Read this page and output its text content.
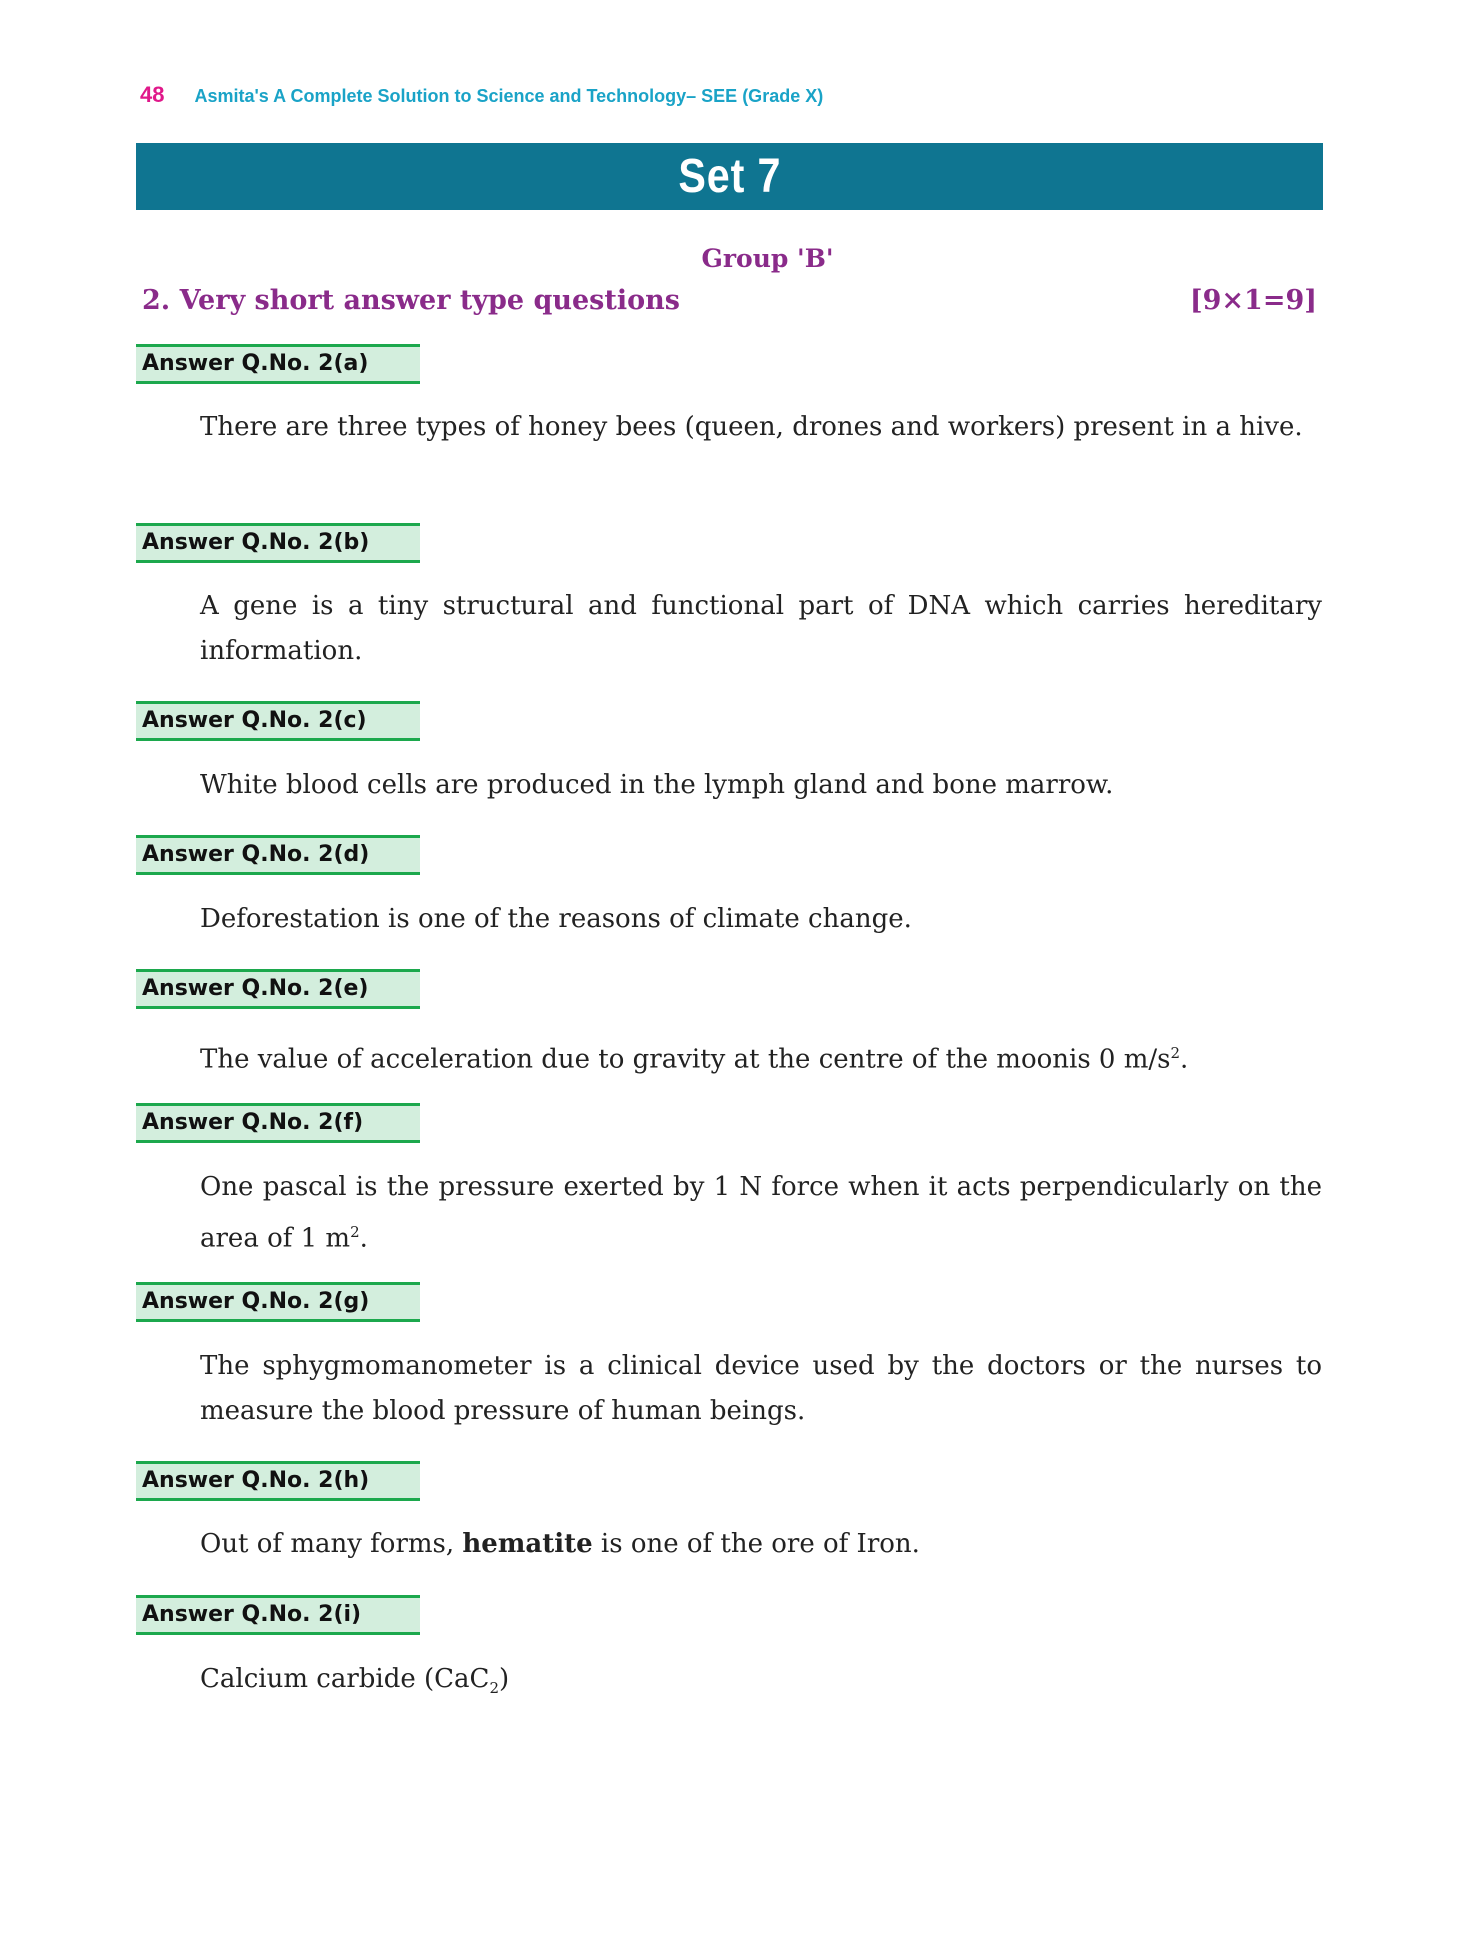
48 Asmita's A Complete Solution to Science and Technology– SEE (Grade X)
Set 7
Group 'B'
2. Very short answer type questions	[9×1=9]
Answer Q.No. 2(a)
There are three types of honey bees (queen, drones and workers) present in a hive.
Answer Q.No. 2(b)
A gene is a tiny structural and functional part of DNA which carries hereditary information.
Answer Q.No. 2(c)
White blood cells are produced in the lymph gland and bone marrow.
Answer Q.No. 2(d)
Deforestation is one of the reasons of climate change.
Answer Q.No. 2(e)
The value of acceleration due to gravity at the centre of the moonis 0 $m/s^2$.
Answer Q.No. 2(f)
One pascal is the pressure exerted by 1 N force when it acts perpendicularly on the area of 1 $m^2$.
Answer Q.No. 2(g)
The sphygmomanometer is a clinical device used by the doctors or the nurses to measure the blood pressure of human beings.
Answer Q.No. 2(h)
Out of many forms, hematite is one of the ore of Iron.
Answer Q.No. 2(i)
Calcium carbide (CaC$_2$)
